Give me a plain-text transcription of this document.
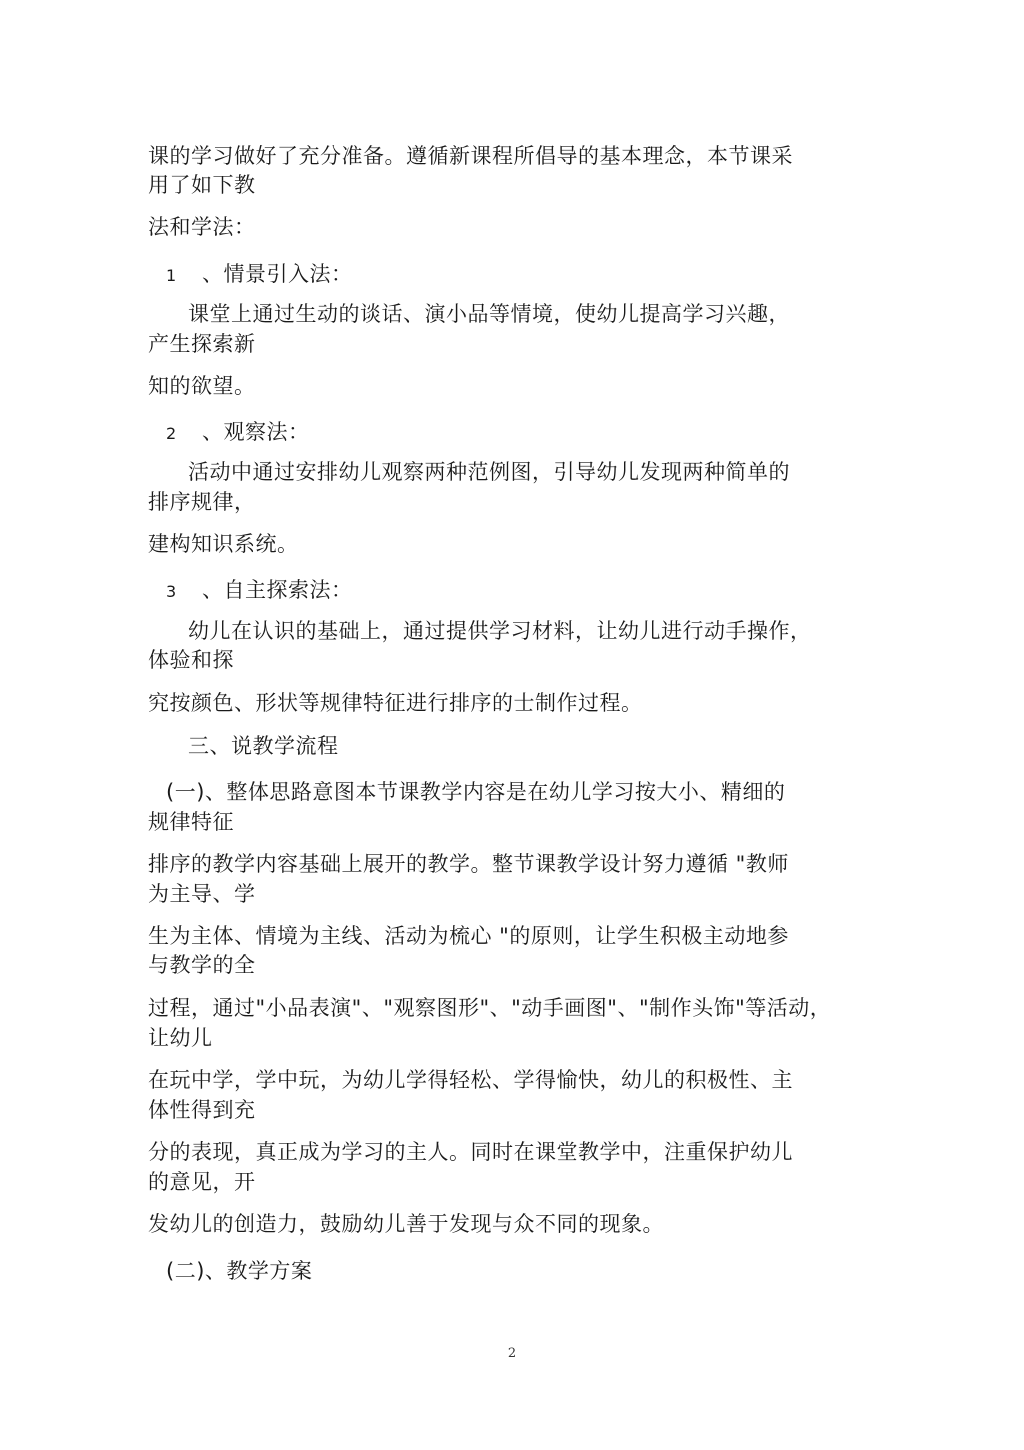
课的学习做好了充分准备。遵循新课程所倡导的基本理念，本节课采
用了如下教
法和学法：
1 、情景引入法：
课堂上通过生动的谈话、演小品等情境，使幼儿提高学习兴趣，
产生探索新
知的欲望。
2 、观察法：
活动中通过安排幼儿观察两种范例图，引导幼儿发现两种简单的
排序规律，
建构知识系统。
3 、自主探索法：
幼儿在认识的基础上，通过提供学习材料，让幼儿进行动手操作，
体验和探
究按颜色、形状等规律特征进行排序的士制作过程。
三、说教学流程
(一)、整体思路意图本节课教学内容是在幼儿学习按大小、精细的
规律特征
排序的教学内容基础上展开的教学。整节课教学设计努力遵循 "教师
为主导、学
生为主体、情境为主线、活动为梳心 "的原则，让学生积极主动地参
与教学的全
过程，通过"小品表演"、"观察图形"、"动手画图"、"制作头饰"等活动，
让幼儿
在玩中学，学中玩，为幼儿学得轻松、学得愉快，幼儿的积极性、主
体性得到充
分的表现，真正成为学习的主人。同时在课堂教学中，注重保护幼儿
的意见，开
发幼儿的创造力，鼓励幼儿善于发现与众不同的现象。
(二)、教学方案
2
